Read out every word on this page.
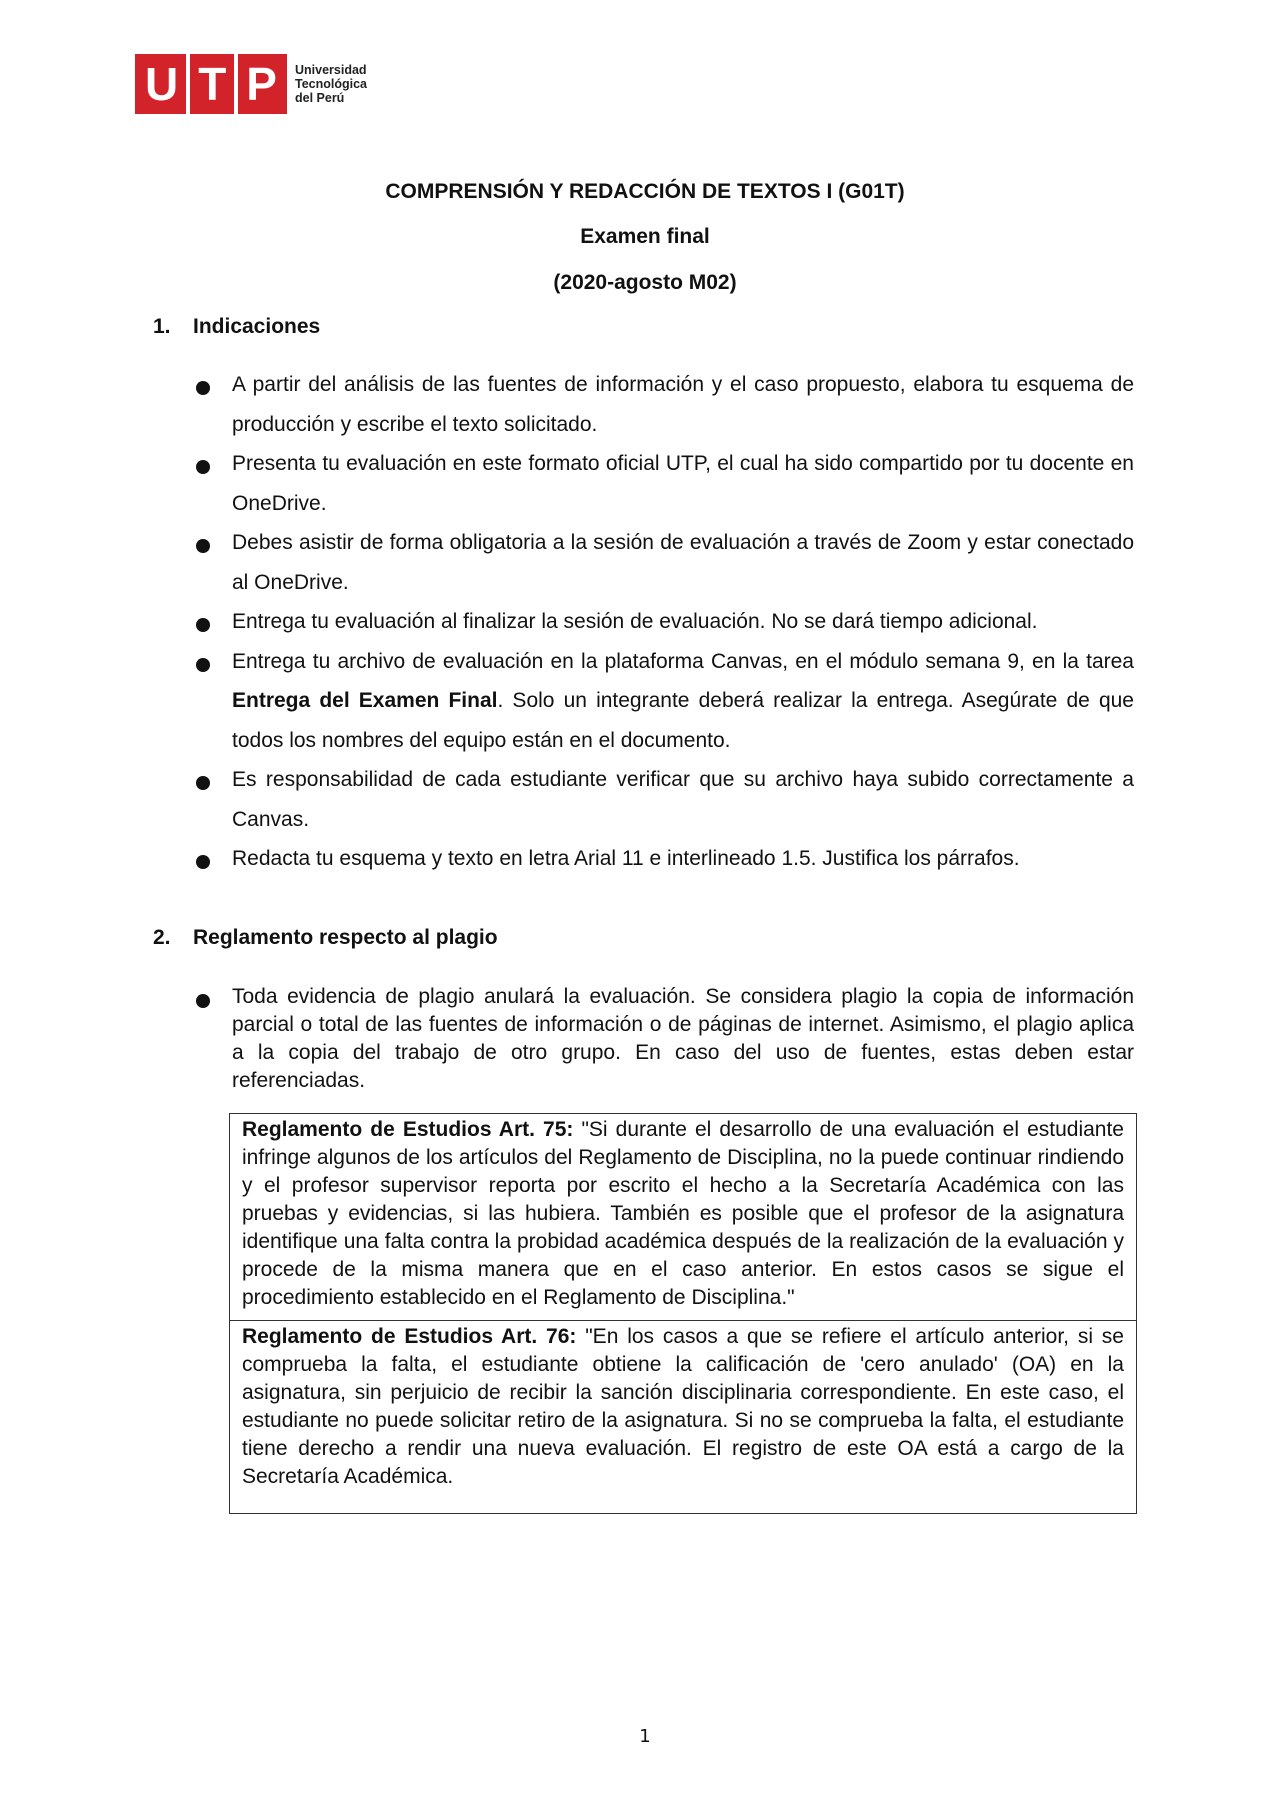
U T P Universidad
Tecnológica
del Perú
COMPRENSIÓN Y REDACCIÓN DE TEXTOS I (G01T)
Examen final
(2020-agosto M02)
1. Indicaciones
A partir del análisis de las fuentes de información y el caso propuesto, elabora tu esquema de producción y escribe el texto solicitado.
Presenta tu evaluación en este formato oficial UTP, el cual ha sido compartido por tu docente en OneDrive.
Debes asistir de forma obligatoria a la sesión de evaluación a través de Zoom y estar conectado al OneDrive.
Entrega tu evaluación al finalizar la sesión de evaluación. No se dará tiempo adicional.
Entrega tu archivo de evaluación en la plataforma Canvas, en el módulo semana 9, en la tarea Entrega del Examen Final. Solo un integrante deberá realizar la entrega. Asegúrate de que todos los nombres del equipo están en el documento.
Es responsabilidad de cada estudiante verificar que su archivo haya subido correctamente a Canvas.
Redacta tu esquema y texto en letra Arial 11 e interlineado 1.5. Justifica los párrafos.
2. Reglamento respecto al plagio
Toda evidencia de plagio anulará la evaluación. Se considera plagio la copia de información parcial o total de las fuentes de información o de páginas de internet. Asimismo, el plagio aplica a la copia del trabajo de otro grupo. En caso del uso de fuentes, estas deben estar referenciadas.
Reglamento de Estudios Art. 75: "Si durante el desarrollo de una evaluación el estudiante infringe algunos de los artículos del Reglamento de Disciplina, no la puede continuar rindiendo y el profesor supervisor reporta por escrito el hecho a la Secretaría Académica con las pruebas y evidencias, si las hubiera. También es posible que el profesor de la asignatura identifique una falta contra la probidad académica después de la realización de la evaluación y procede de la misma manera que en el caso anterior. En estos casos se sigue el procedimiento establecido en el Reglamento de Disciplina."
Reglamento de Estudios Art. 76: "En los casos a que se refiere el artículo anterior, si se comprueba la falta, el estudiante obtiene la calificación de 'cero anulado' (OA) en la asignatura, sin perjuicio de recibir la sanción disciplinaria correspondiente. En este caso, el estudiante no puede solicitar retiro de la asignatura. Si no se comprueba la falta, el estudiante tiene derecho a rendir una nueva evaluación. El registro de este OA está a cargo de la Secretaría Académica.
1
